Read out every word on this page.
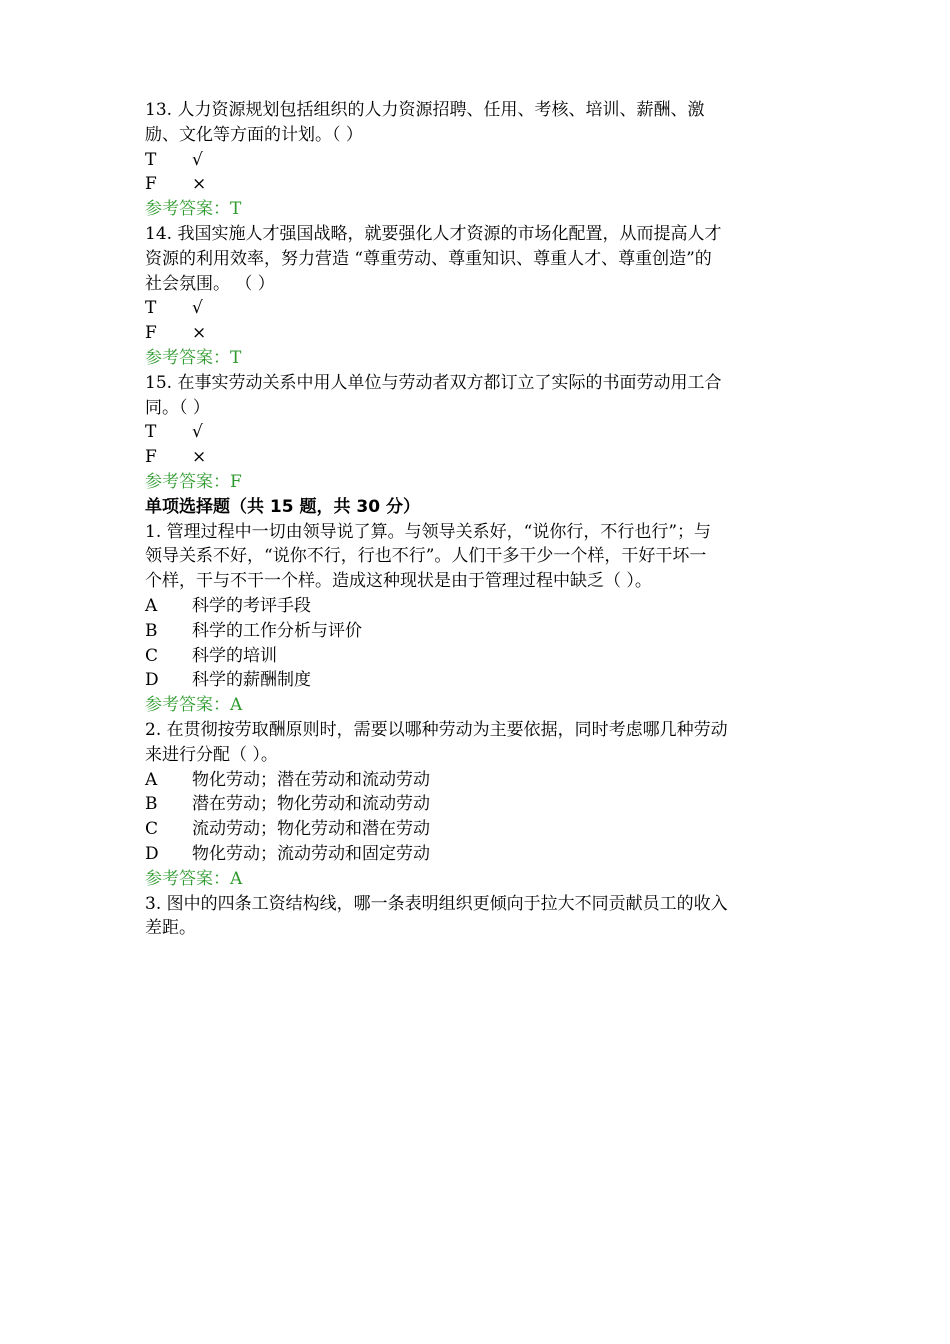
13. 人力资源规划包括组织的人力资源招聘、任用、考核、培训、薪酬、激
励、文化等方面的计划。（ ）
T	√
F	×
参考答案：T
14. 我国实施人才强国战略，就要强化人才资源的市场化配置，从而提高人才
资源的利用效率，努力营造 “尊重劳动、尊重知识、尊重人才、尊重创造”的
社会氛围。 （ ）
T	√
F	×
参考答案：T
15. 在事实劳动关系中用人单位与劳动者双方都订立了实际的书面劳动用工合
同。（ ）
T	√
F	×
参考答案：F
单项选择题（共 15 题，共 30 分）
1. 管理过程中一切由领导说了算。与领导关系好，“说你行，不行也行”；与
领导关系不好，“说你不行，行也不行”。人们干多干少一个样，干好干坏一
个样，干与不干一个样。造成这种现状是由于管理过程中缺乏（ ）。
A	科学的考评手段
B	科学的工作分析与评价
C	科学的培训
D	科学的薪酬制度
参考答案：A
2. 在贯彻按劳取酬原则时，需要以哪种劳动为主要依据，同时考虑哪几种劳动
来进行分配（ ）。
A	物化劳动；潜在劳动和流动劳动
B	潜在劳动；物化劳动和流动劳动
C	流动劳动；物化劳动和潜在劳动
D	物化劳动；流动劳动和固定劳动
参考答案：A
3. 图中的四条工资结构线，哪一条表明组织更倾向于拉大不同贡献员工的收入
差距。
